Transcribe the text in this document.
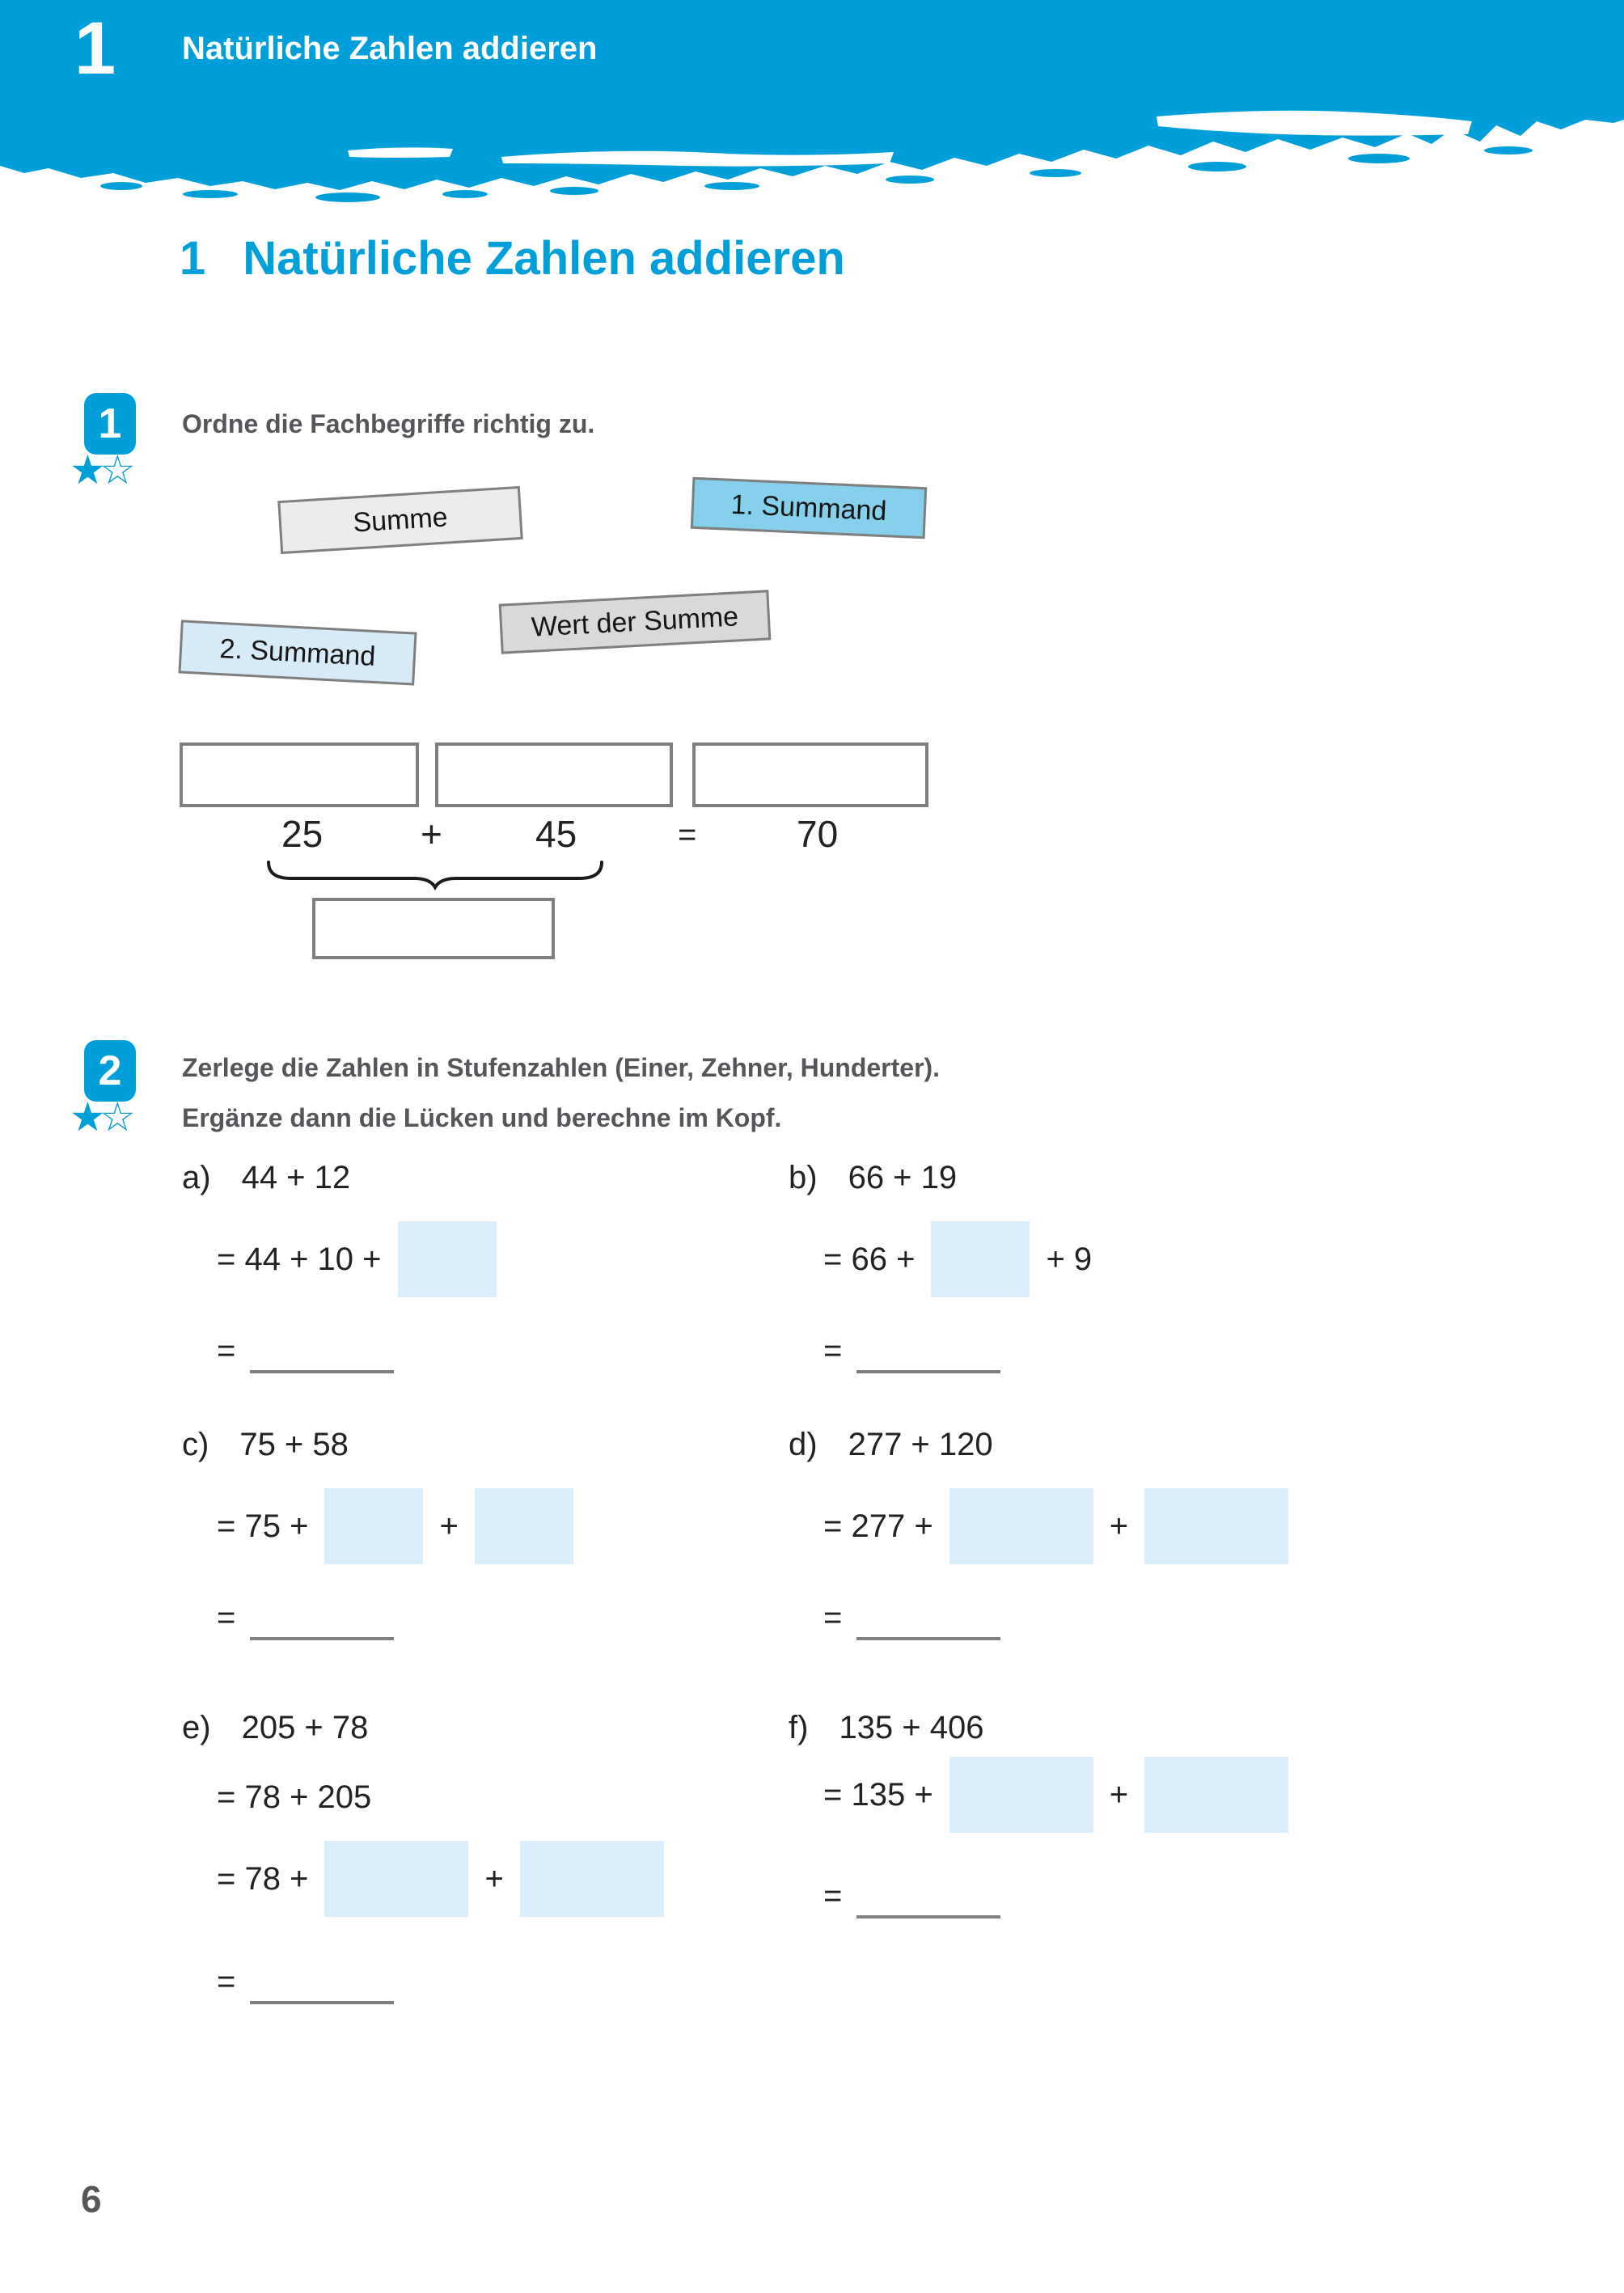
1 Natürliche Zahlen addieren
1 Natürliche Zahlen addieren
1
★☆
Ordne die Fachbegriffe richtig zu.
Summe	1. Summand
2. Summand
Wert der Summe
25	+	45	=	70
2
★☆
Zerlege die Zahlen in Stufenzahlen (Einer, Zehner, Hunderter).
Ergänze dann die Lücken und berechne im Kopf.
a) 44 + 12
= 44 + 10 +
=
b) 66 + 19
= 66 +	+ 9
=
c) 75 + 58
= 75 +	+
=
d) 277 + 120
= 277 +	+
=
e) 205 + 78
= 78 + 205
= 78 +	+
=
f) 135 + 406
= 135 +	+
=
6
